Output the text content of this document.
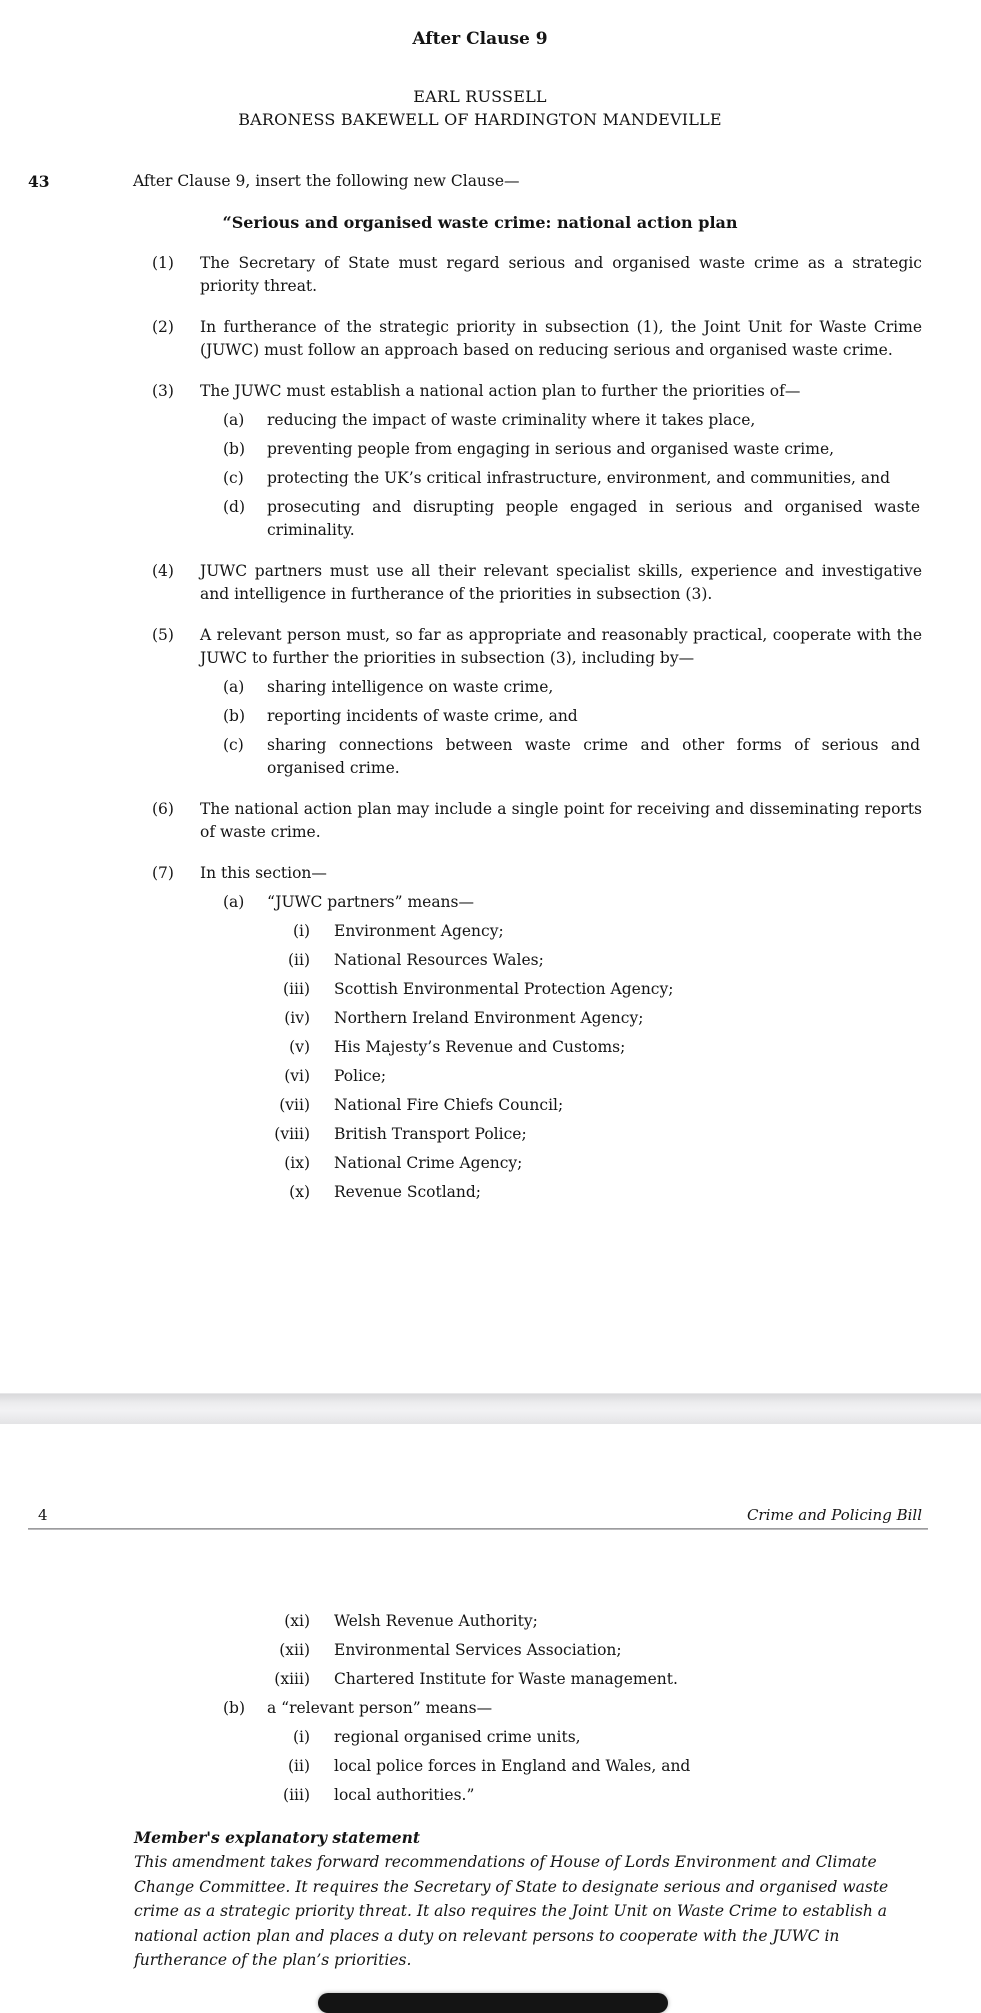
After Clause 9
EARL RUSSELL
BARONESS BAKEWELL OF HARDINGTON MANDEVILLE
43	After Clause 9, insert the following new Clause—
“Serious and organised waste crime: national action plan
(1)	The Secretary of State must regard serious and organised waste crime as a strategic priority threat.
(2)	In furtherance of the strategic priority in subsection (1), the Joint Unit for Waste Crime (JUWC) must follow an approach based on reducing serious and organised waste crime.
(3)	The JUWC must establish a national action plan to further the priorities of—
(a)	reducing the impact of waste criminality where it takes place,
(b)	preventing people from engaging in serious and organised waste crime,
(c)	protecting the UK’s critical infrastructure, environment, and communities, and
(d)	prosecuting and disrupting people engaged in serious and organised waste criminality.
(4)	JUWC partners must use all their relevant specialist skills, experience and investigative and intelligence in furtherance of the priorities in subsection (3).
(5)	A relevant person must, so far as appropriate and reasonably practical, cooperate with the JUWC to further the priorities in subsection (3), including by—
(a)	sharing intelligence on waste crime,
(b)	reporting incidents of waste crime, and
(c)	sharing connections between waste crime and other forms of serious and organised crime.
(6)	The national action plan may include a single point for receiving and disseminating reports of waste crime.
(7)	In this section—
(a)	“JUWC partners” means—
(i) Environment Agency;
(ii) National Resources Wales;
(iii) Scottish Environmental Protection Agency;
(iv) Northern Ireland Environment Agency;
(v) His Majesty’s Revenue and Customs;
(vi) Police;
(vii) National Fire Chiefs Council;
(viii) British Transport Police;
(ix) National Crime Agency;
(x) Revenue Scotland;
4	Crime and Policing Bill
(xi) Welsh Revenue Authority;
(xii) Environmental Services Association;
(xiii) Chartered Institute for Waste management.
(b)	a “relevant person” means—
(i) regional organised crime units,
(ii) local police forces in England and Wales, and
(iii) local authorities.”
Member's explanatory statement
This amendment takes forward recommendations of House of Lords Environment and Climate Change Committee. It requires the Secretary of State to designate serious and organised waste crime as a strategic priority threat. It also requires the Joint Unit on Waste Crime to establish a national action plan and places a duty on relevant persons to cooperate with the JUWC in furtherance of the plan’s priorities.
